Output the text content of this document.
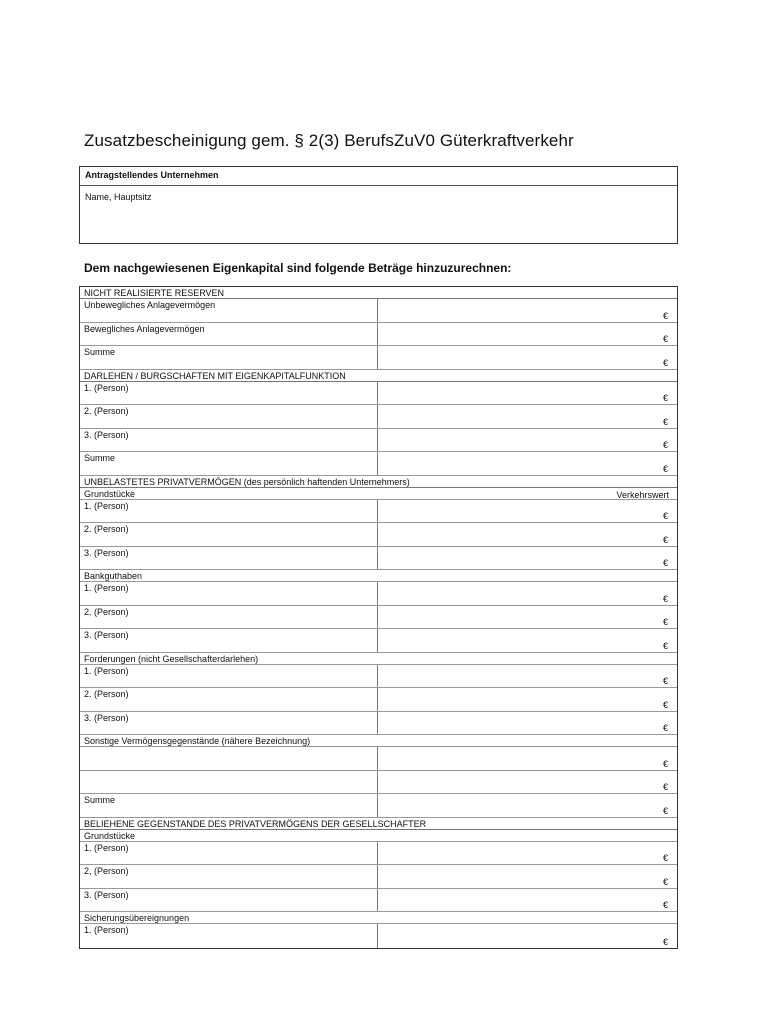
Zusatzbescheinigung gem. § 2(3) BerufsZuV0 Güterkraftverkehr
Antragstellendes Unternehmen
Name, Hauptsitz
Dem nachgewiesenen Eigenkapital sind folgende Beträge hinzuzurechnen:
NICHT REALISIERTE RESERVEN
Unbewegliches Anlagevermögen
€
Bewegliches Anlagevermögen
€
Summe
€
DARLEHEN / BURGSCHAFTEN MIT EIGENKAPITALFUNKTION
1. (Person)
€
2. (Person)
€
3. (Person)
€
Summe
€
UNBELASTETES PRIVATVERMÖGEN (des persönlich haftenden Unternehmers)
Grundstücke	Verkehrswert
1. (Person)
€
2. (Person)
€
3. (Person)
€
Bankguthaben
1. (Person)
€
2. (Person)
€
3. (Person)
€
Forderungen (nicht Gesellschafterdarlehen)
1. (Person)
€
2. (Person)
€
3. (Person)
€
Sonstige Vermögensgegenstände (nähere Bezeichnung)
€
€
Summe
€
BELIEHENE GEGENSTANDE DES PRIVATVERMÖGENS DER GESELLSCHAFTER
Grundstücke
1. (Person)
€
2, (Person)
€
3. (Person)
€
Sicherungsübereignungen
1. (Person)
€
